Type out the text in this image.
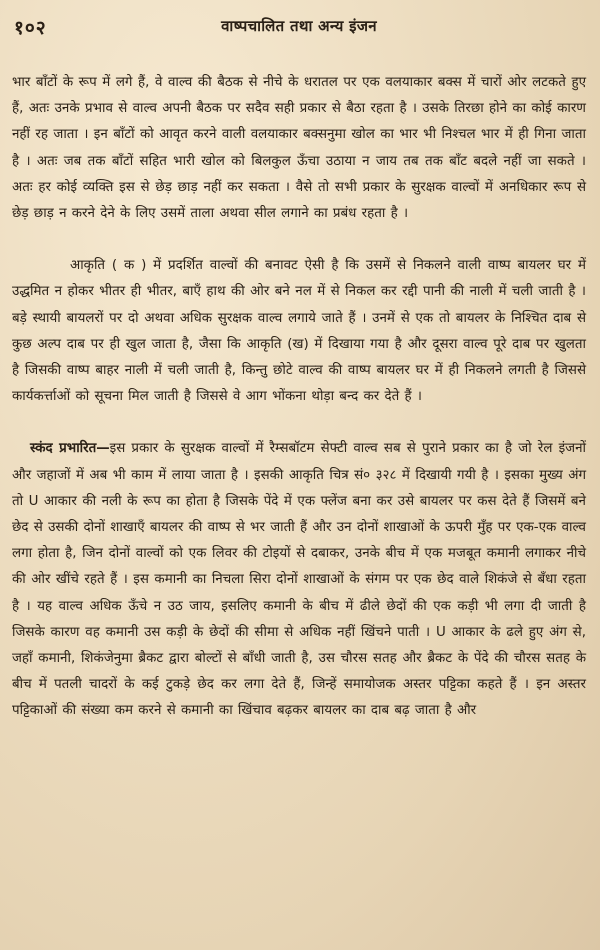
१०२	वाष्पचालित तथा अन्य इंजन

भार बाँटों के रूप में लगे हैं, वे वाल्व की बैठक से नीचे के धरातल पर एक वलयाकार बक्स में चारों ओर लटकते हुए हैं, अतः उनके प्रभाव से वाल्व अपनी बैठक पर सदैव सही प्रकार से बैठा रहता है । उसके तिरछा होने का कोई कारण नहीं रह जाता । इन बाँटों को आवृत करने वाली वलयाकार बक्सनुमा खोल का भार भी निश्चल भार में ही गिना जाता है । अतः जब तक बाँटों सहित भारी खोल को बिलकुल ऊँचा उठाया न जाय तब तक बाँट बदले नहीं जा सकते । अतः हर कोई व्यक्ति इस से छेड़ छाड़ नहीं कर सकता । वैसे तो सभी प्रकार के सुरक्षक वाल्वों में अनधिकार रूप से छेड़ छाड़ न करने देने के लिए उसमें ताला अथवा सील लगाने का प्रबंध रहता है ।

आकृति ( क ) में प्रदर्शित वाल्वों की बनावट ऐसी है कि उसमें से निकलने वाली वाष्प बायलर घर में उद्धमित न होकर भीतर ही भीतर, बाएँ हाथ की ओर बने नल में से निकल कर रद्दी पानी की नाली में चली जाती है । बड़े स्थायी बायलरों पर दो अथवा अधिक सुरक्षक वाल्व लगाये जाते हैं । उनमें से एक तो बायलर के निश्चित दाब से कुछ अल्प दाब पर ही खुल जाता है, जैसा कि आकृति (ख) में दिखाया गया है और दूसरा वाल्व पूरे दाब पर खुलता है जिसकी वाष्प बाहर नाली में चली जाती है, किन्तु छोटे वाल्व की वाष्प बायलर घर में ही निकलने लगती है जिससे कार्यकर्त्ताओं को सूचना मिल जाती है जिससे वे आग भोंकना थोड़ा बन्द कर देते हैं ।

स्कंद प्रभारित—इस प्रकार के सुरक्षक वाल्वों में रैम्सबॉटम सेफ्टी वाल्व सब से पुराने प्रकार का है जो रेल इंजनों और जहाजों में अब भी काम में लाया जाता है । इसकी आकृति चित्र सं० ३२८ में दिखायी गयी है । इसका मुख्य अंग तो U आकार की नली के रूप का होता है जिसके पेंदे में एक फ्लेंज बना कर उसे बायलर पर कस देते हैं जिसमें बने छेद से उसकी दोनों शाखाएँ बायलर की वाष्प से भर जाती हैं और उन दोनों शाखाओं के ऊपरी मुँह पर एक-एक वाल्व लगा होता है, जिन दोनों वाल्वों को एक लिवर की टोइयों से दबाकर, उनके बीच में एक मजबूत कमानी लगाकर नीचे की ओर खींचे रहते हैं । इस कमानी का निचला सिरा दोनों शाखाओं के संगम पर एक छेद वाले शिकंजे से बँधा रहता है । यह वाल्व अधिक ऊँचे न उठ जाय, इसलिए कमानी के बीच में ढीले छेदों की एक कड़ी भी लगा दी जाती है जिसके कारण वह कमानी उस कड़ी के छेदों की सीमा से अधिक नहीं खिंचने पाती । U आकार के ढले हुए अंग से, जहाँ कमानी, शिकंजेनुमा ब्रैकट द्वारा बोल्टों से बाँधी जाती है, उस चौरस सतह और ब्रैकट के पेंदे की चौरस सतह के बीच में पतली चादरों के कई टुकड़े छेद कर लगा देते हैं, जिन्हें समायोजक अस्तर पट्टिका कहते हैं । इन अस्तर पट्टिकाओं की संख्या कम करने से कमानी का खिंचाव बढ़कर बायलर का दाब बढ़ जाता है और
